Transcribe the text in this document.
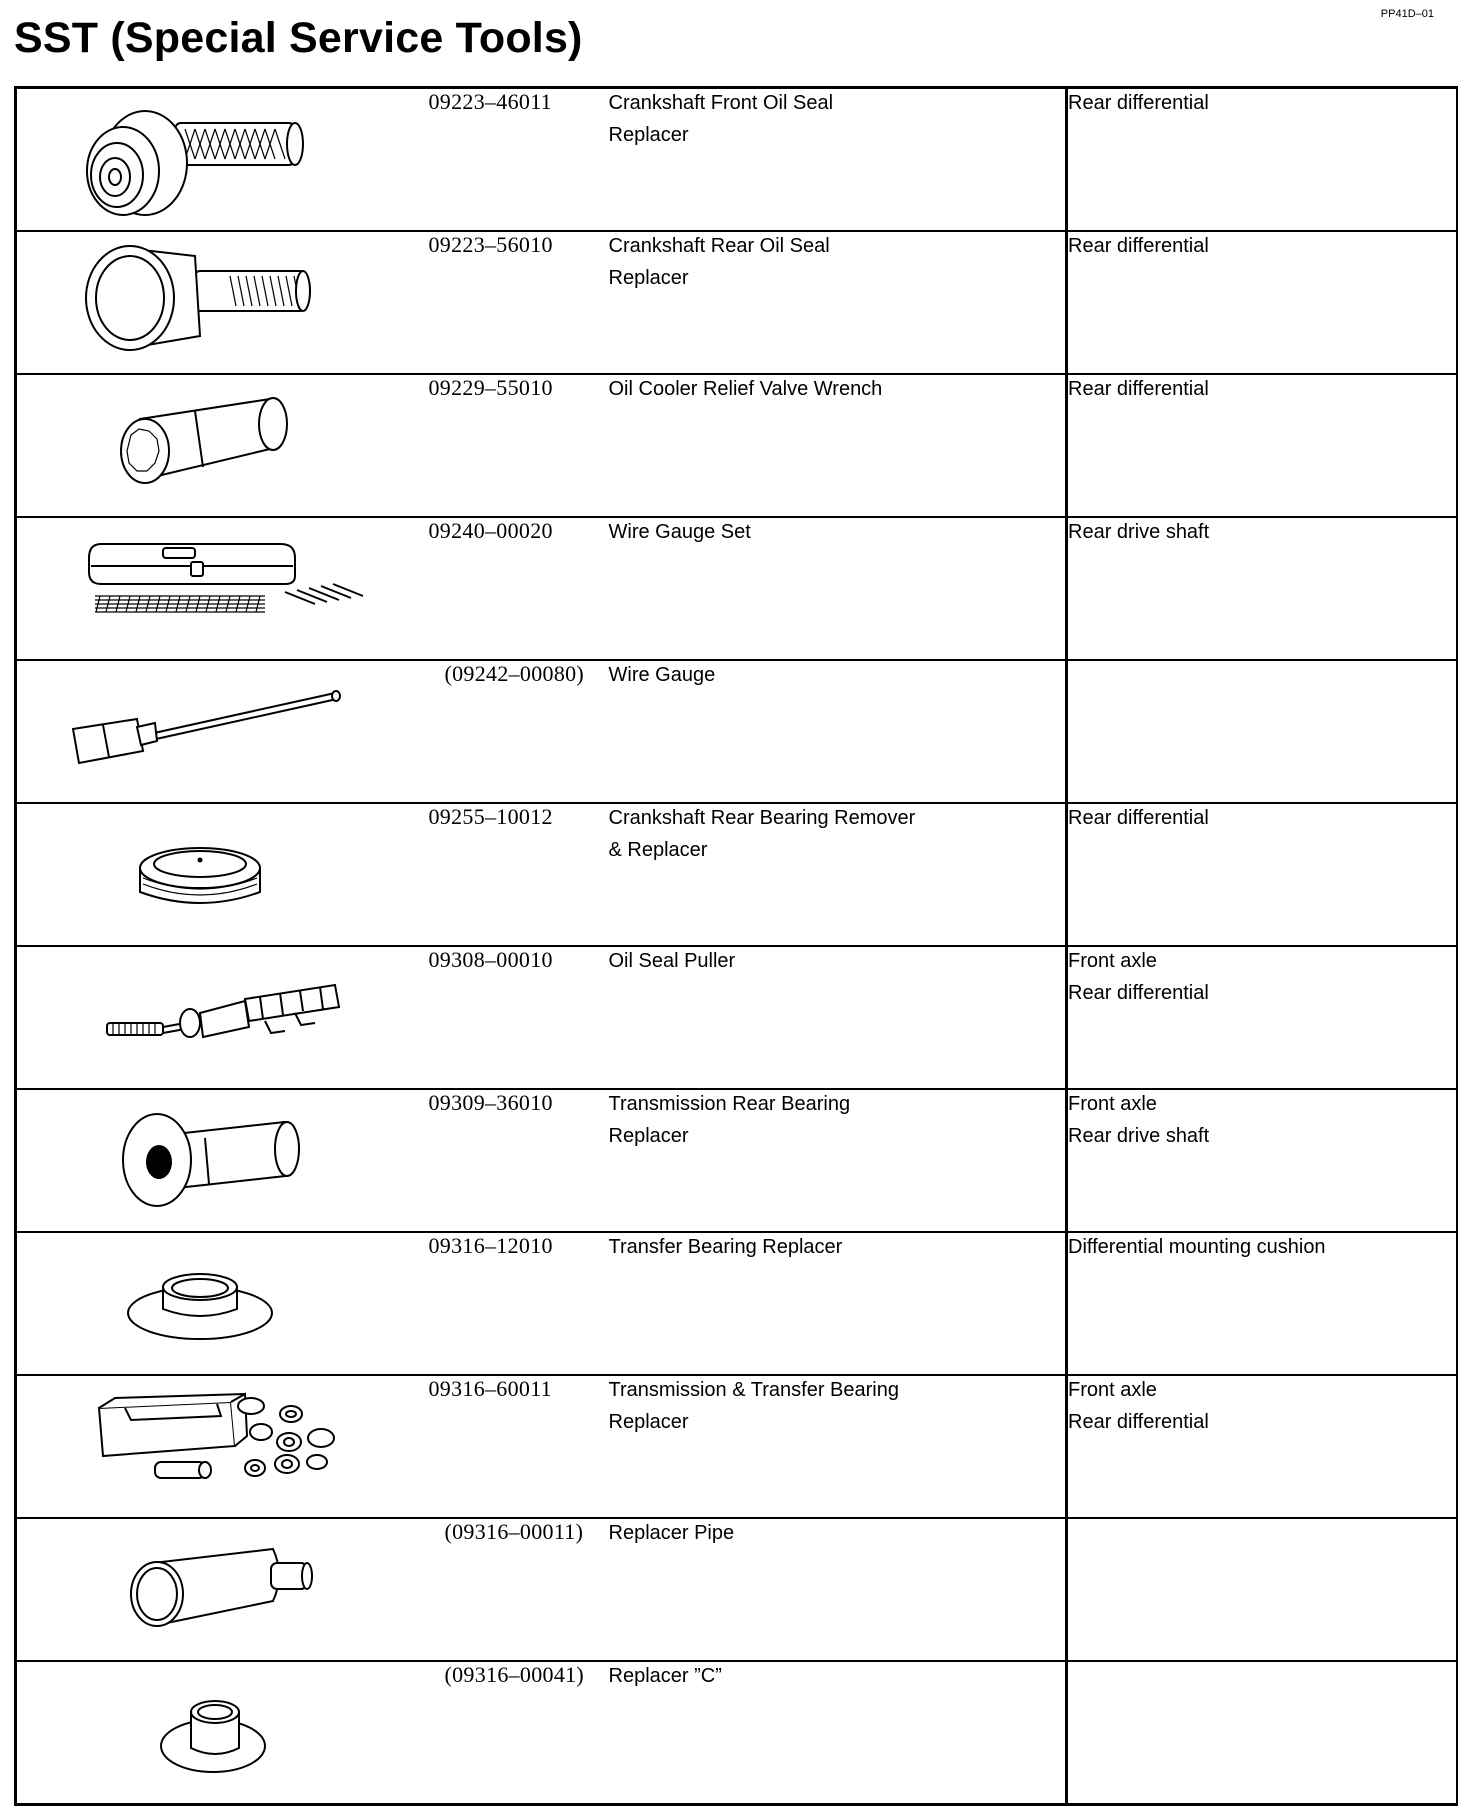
PP41D–01
SST (Special Service Tools)
	09223–46011	Crankshaft Front Oil Seal
Replacer	Rear differential

	09223–56010	Crankshaft Rear Oil Seal
Replacer	Rear differential

	09229–55010	Oil Cooler Relief Valve Wrench	Rear differential

	09240–00020	Wire Gauge Set	Rear drive shaft

	(09242–00080)	Wire Gauge	

	09255–10012	Crankshaft Rear Bearing Remover
& Replacer	Rear differential

	09308–00010	Oil Seal Puller	Front axle
Rear differential

	09309–36010	Transmission Rear Bearing
Replacer	Front axle
Rear drive shaft

	09316–12010	Transfer Bearing Replacer	Differential mounting cushion

	09316–60011	Transmission & Transfer Bearing
Replacer	Front axle
Rear differential

	(09316–00011)	Replacer Pipe	

	(09316–00041)	Replacer ”C”	
